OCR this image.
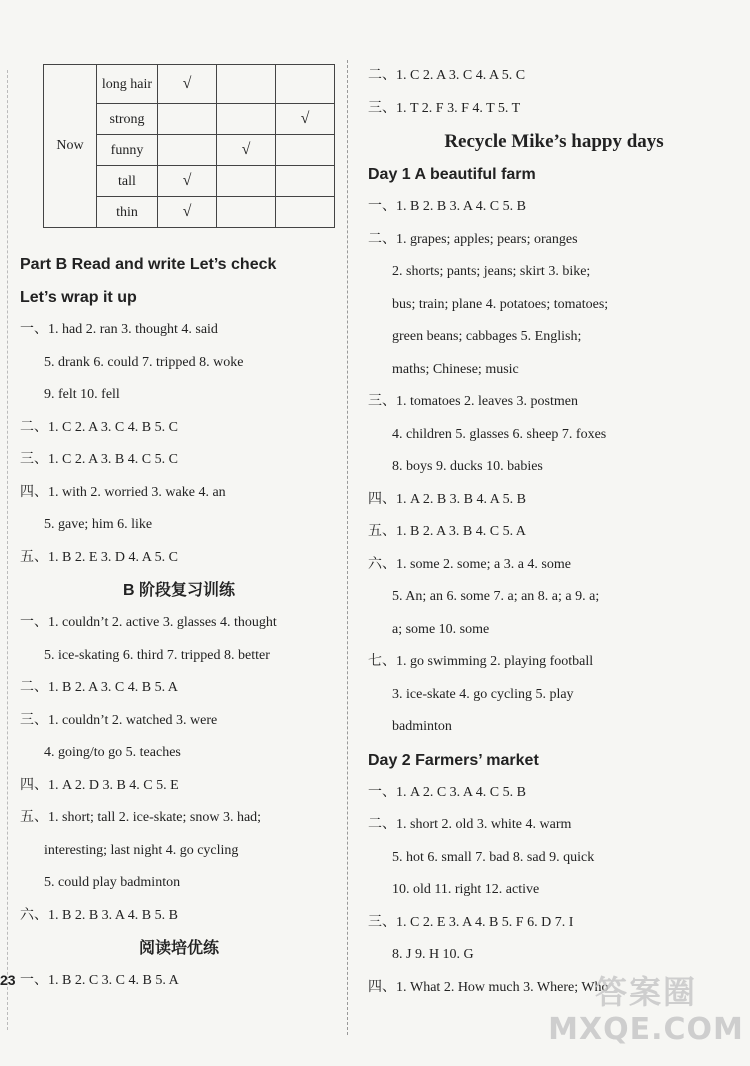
Now	long hair	√		
	strong			√
	funny		√	
	tall	√		
	thin	√		
Part B Read and write Let’s check
Let’s wrap it up
一、1. had 2. ran 3. thought 4. said
5. drank 6. could 7. tripped 8. woke
9. felt 10. fell
二、1. C 2. A 3. C 4. B 5. C
三、1. C 2. A 3. B 4. C 5. C
四、1. with 2. worried 3. wake 4. an
5. gave; him 6. like
五、1. B 2. E 3. D 4. A 5. C
B 阶段复习训练
一、1. couldn’t 2. active 3. glasses 4. thought
5. ice-skating 6. third 7. tripped 8. better
二、1. B 2. A 3. C 4. B 5. A
三、1. couldn’t 2. watched 3. were
4. going/to go 5. teaches
四、1. A 2. D 3. B 4. C 5. E
五、1. short; tall 2. ice-skate; snow 3. had;
interesting; last night 4. go cycling
5. could play badminton
六、1. B 2. B 3. A 4. B 5. B
阅读培优练
一、1. B 2. C 3. C 4. B 5. A
二、1. C 2. A 3. C 4. A 5. C
三、1. T 2. F 3. F 4. T 5. T
Recycle Mike’s happy days
Day 1 A beautiful farm
一、1. B 2. B 3. A 4. C 5. B
二、1. grapes; apples; pears; oranges
2. shorts; pants; jeans; skirt 3. bike;
bus; train; plane 4. potatoes; tomatoes;
green beans; cabbages 5. English;
maths; Chinese; music
三、1. tomatoes 2. leaves 3. postmen
4. children 5. glasses 6. sheep 7. foxes
8. boys 9. ducks 10. babies
四、1. A 2. B 3. B 4. A 5. B
五、1. B 2. A 3. B 4. C 5. A
六、1. some 2. some; a 3. a 4. some
5. An; an 6. some 7. a; an 8. a; a 9. a;
a; some 10. some
七、1. go swimming 2. playing football
3. ice-skate 4. go cycling 5. play
badminton
Day 2 Farmers’ market
一、1. A 2. C 3. A 4. C 5. B
二、1. short 2. old 3. white 4. warm
5. hot 6. small 7. bad 8. sad 9. quick
10. old 11. right 12. active
三、1. C 2. E 3. A 4. B 5. F 6. D 7. I
8. J 9. H 10. G
四、1. What 2. How much 3. Where; Who
23	答案圈
MXQE.COM
